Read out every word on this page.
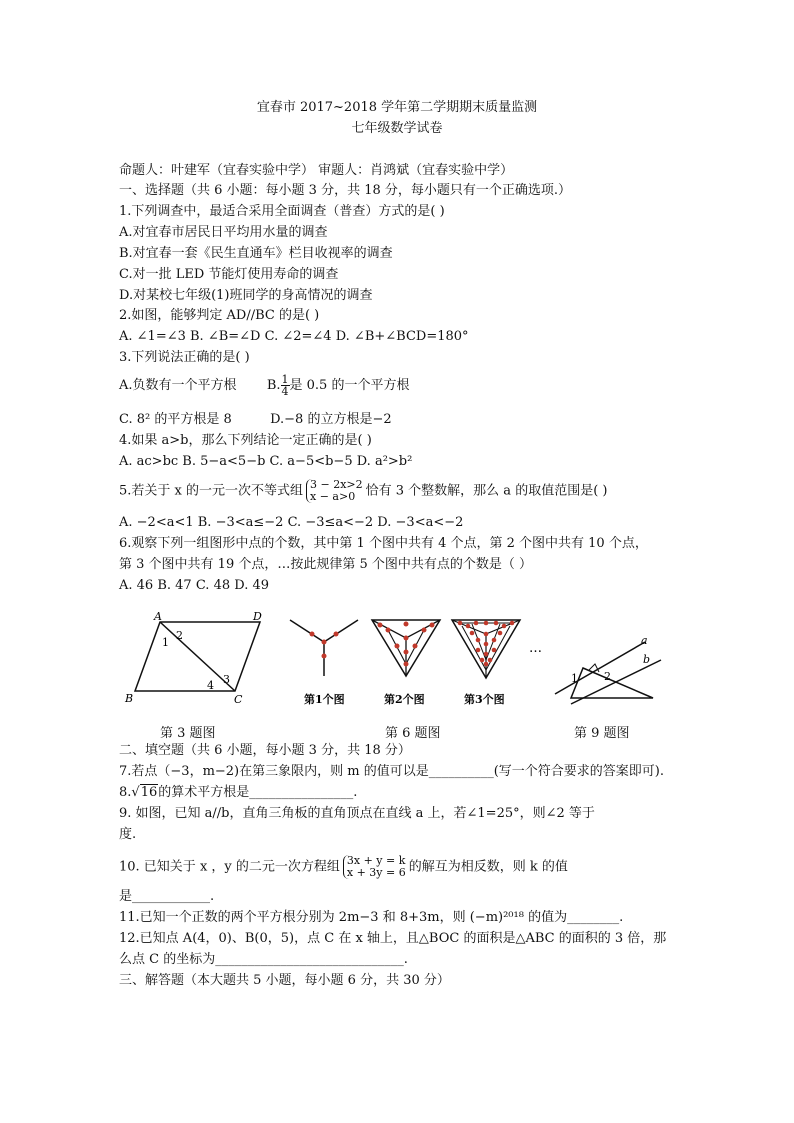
宜春市 2017~2018 学年第二学期期末质量监测
七年级数学试卷
命题人：叶建军（宜春实验中学） 审题人：肖鸿斌（宜春实验中学）
一、选择题（共 6 小题：每小题 3 分，共 18 分，每小题只有一个正确选项.）
1.下列调查中，最适合采用全面调查（普查）方式的是( )
A.对宜春市居民日平均用水量的调查
B.对宜春一套《民生直通车》栏目收视率的调查
C.对一批 LED 节能灯使用寿命的调查
D.对某校七年级(1)班同学的身高情况的调查
2.如图，能够判定 AD//BC 的是( )
A. ∠1=∠3 B. ∠B=∠D C. ∠2=∠4 D. ∠B+∠BCD=180°
3.下列说法正确的是( )
A.负数有一个平方根 B. $\frac{1}{4}$ 是 0.5 的一个平方根
C. 8² 的平方根是 8	D.−8 的立方根是−2
4.如果 a>b，那么下列结论一定正确的是( )
A. ac>bc B. 5−a<5−b C. a−5<b−5 D. a²>b²
5.若关于 x 的一元一次不等式组 3 − 2x>2
x − a>0 恰有 3 个整数解，那么 a 的取值范围是( )
A. −2<a<1 B. −3<a≤−2 C. −3≤a<−2 D. −3<a<−2
6.观察下列一组图形中点的个数，其中第 1 个图中共有 4 个点，第 2 个图中共有 10 个点，
第 3 个图中共有 19 个点，…按此规律第 5 个图中共有点的个数是（ ）
A. 46 B. 47 C. 48 D. 49
A	D
B	C
1
2
3
4
第 3 题图
…
第1个图	第2个图	第3个图
第 6 题图
a
b
1 2
第 9 题图
二、填空题（共 6 小题，每小题 3 分，共 18 分）
7.若点（−3，m−2)在第三象限内，则 m 的值可以是__________(写一个符合要求的答案即可).
8.√16的算术平方根是________________.
9. 如图，已知 a//b，直角三角板的直角顶点在直线 a 上，若∠1=25°，则∠2 等于
度.
10. 已知关于 x ，y 的二元一次方程组 3x + y = k
x + 3y = 6 的解互为相反数，则 k 的值
是____________.
11.已知一个正数的两个平方根分别为 2m−3 和 8+3m，则 (−m)²⁰¹⁸ 的值为________.
12.已知点 A(4，0)、B(0，5)，点 C 在 x 轴上，且△BOC 的面积是△ABC 的面积的 3 倍，那
么点 C 的坐标为_____________________________.
三、解答题（本大题共 5 小题，每小题 6 分，共 30 分）
